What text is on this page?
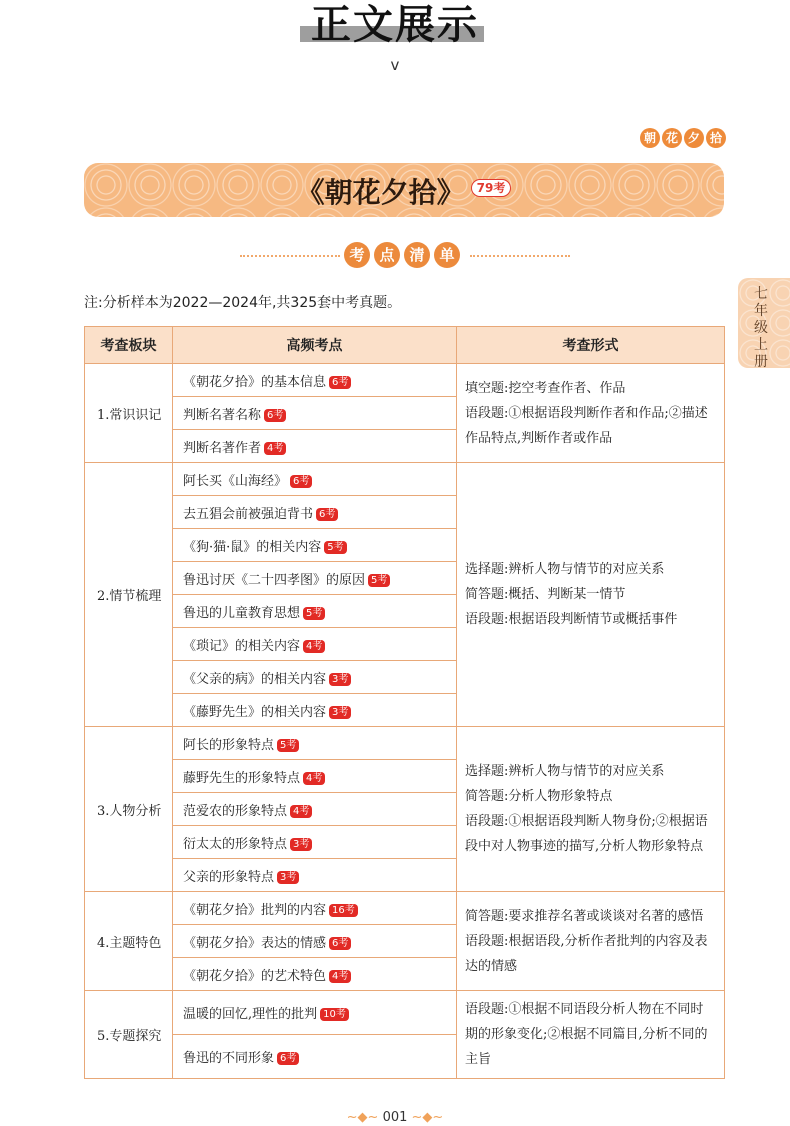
正文展示
v
朝 花 夕 拾
《朝花夕拾》 79考
考 点 清 单
七
年
级
上
册
注:分析样本为2022—2024年,共325套中考真题。
考查板块	高频考点	考查形式
1.常识识记	《朝花夕拾》的基本信息 6考	填空题:挖空考查作者、作品
语段题:①根据语段判断作者和作品;②描述作品特点,判断作者或作品

	判断名著名称 6考	
	判断名著作者 4考	
2.情节梳理	阿长买《山海经》 6考	选择题:辨析人物与情节的对应关系
简答题:概括、判断某一情节
语段题:根据语段判断情节或概括事件

	去五猖会前被强迫背书 6考	
	《狗·猫·鼠》的相关内容 5考	
	鲁迅讨厌《二十四孝图》的原因 5考	
	鲁迅的儿童教育思想 5考	
	《琐记》的相关内容 4考	
	《父亲的病》的相关内容 3考	
	《藤野先生》的相关内容 3考	
3.人物分析	阿长的形象特点 5考	选择题:辨析人物与情节的对应关系
简答题:分析人物形象特点
语段题:①根据语段判断人物身份;②根据语段中对人物事迹的描写,分析人物形象特点

	藤野先生的形象特点 4考	
	范爱农的形象特点 4考	
	衍太太的形象特点 3考	
	父亲的形象特点 3考	
4.主题特色	《朝花夕拾》批判的内容 16考	简答题:要求推荐名著或谈谈对名著的感悟
语段题:根据语段,分析作者批判的内容及表达的情感

	《朝花夕拾》表达的情感 6考	
	《朝花夕拾》的艺术特色 4考	
5.专题探究	温暖的回忆,理性的批判 10考	语段题:①根据不同语段分析人物在不同时期的形象变化;②根据不同篇目,分析不同的主旨

	鲁迅的不同形象 6考	
~◆~ 001 ~◆~
